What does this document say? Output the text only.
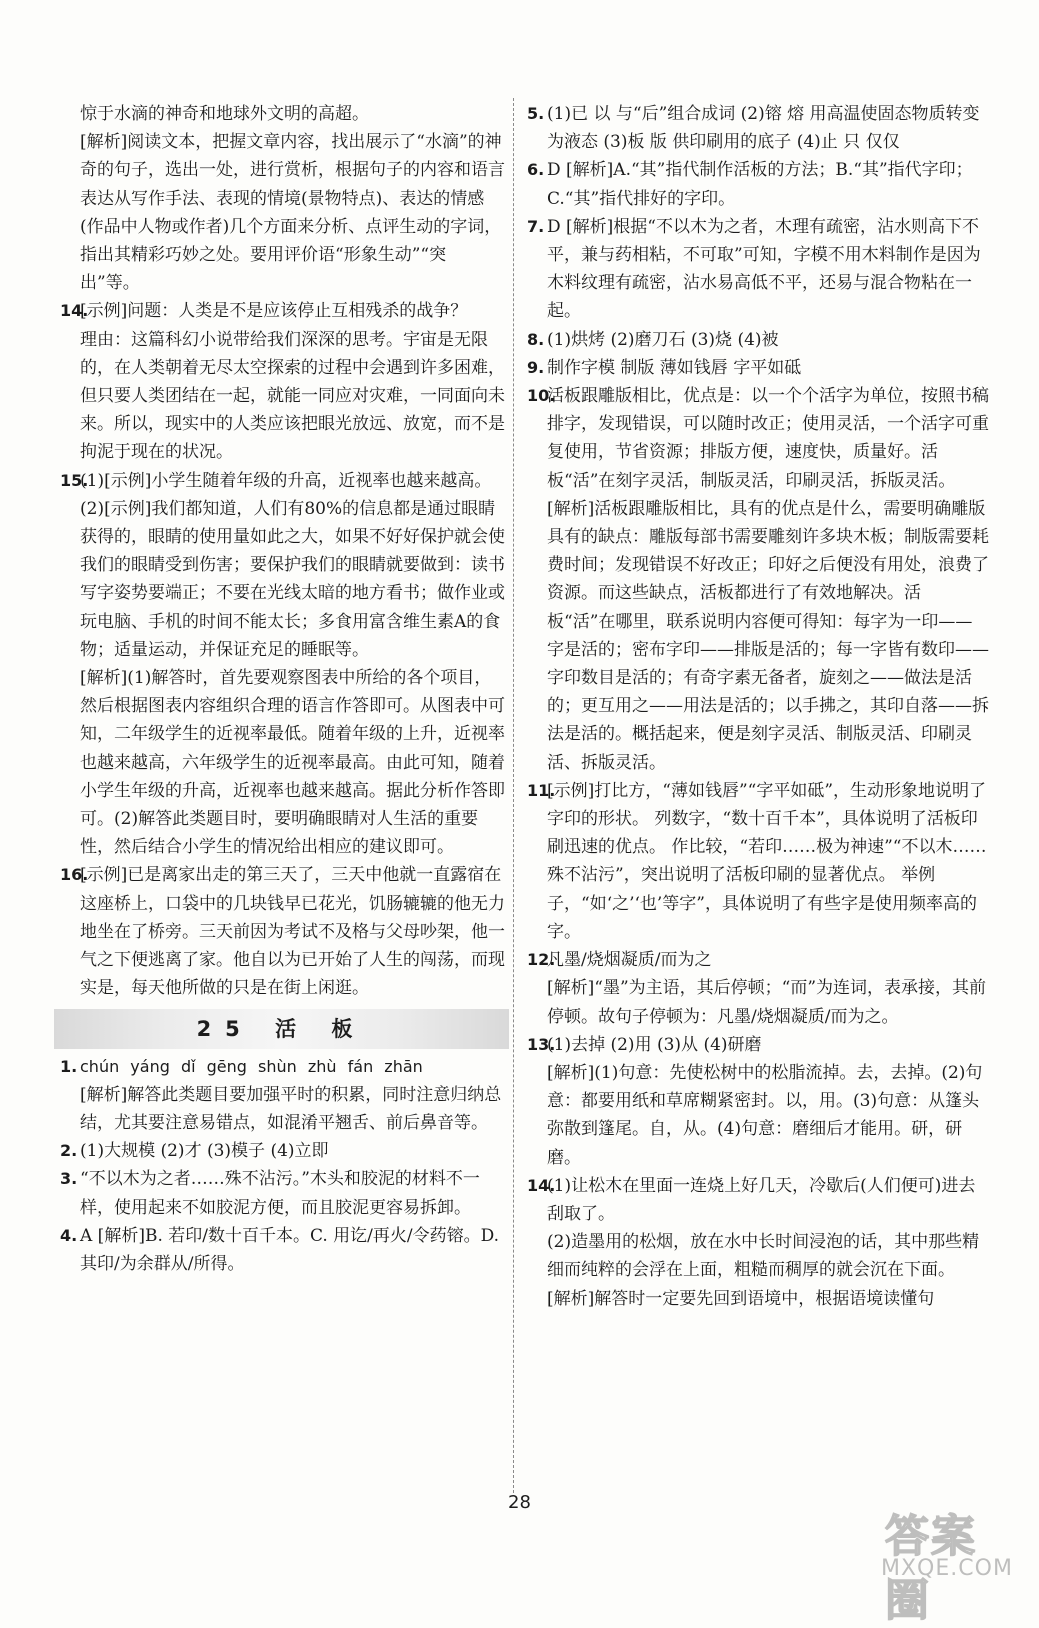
惊于水滴的神奇和地球外文明的高超。

[解析]阅读文本，把握文章内容，找出展示了“水滴”的神奇的句子，选出一处，进行赏析，根据句子的内容和语言表达从写作手法、表现的情境(景物特点)、表达的情感(作品中人物或作者)几个方面来分析、点评生动的字词，指出其精彩巧妙之处。要用评价语“形象生动”“突出”等。

14.

[示例]问题：人类是不是应该停止互相残杀的战争？

理由：这篇科幻小说带给我们深深的思考。宇宙是无限的，在人类朝着无尽太空探索的过程中会遇到许多困难，但只要人类团结在一起，就能一同应对灾难，一同面向未来。所以，现实中的人类应该把眼光放远、放宽，而不是拘泥于现在的状况。

15.

(1)[示例]小学生随着年级的升高，近视率也越来越高。

(2)[示例]我们都知道，人们有80%的信息都是通过眼睛获得的，眼睛的使用量如此之大，如果不好好保护就会使我们的眼睛受到伤害；要保护我们的眼睛就要做到：读书写字姿势要端正；不要在光线太暗的地方看书；做作业或玩电脑、手机的时间不能太长；多食用富含维生素A的食物；适量运动，并保证充足的睡眠等。

[解析](1)解答时，首先要观察图表中所给的各个项目，然后根据图表内容组织合理的语言作答即可。从图表中可知，二年级学生的近视率最低。随着年级的上升，近视率也越来越高，六年级学生的近视率最高。由此可知，随着小学生年级的升高，近视率也越来越高。据此分析作答即可。(2)解答此类题目时，要明确眼睛对人生活的重要性，然后结合小学生的情况给出相应的建议即可。

16.

[示例]已是离家出走的第三天了，三天中他就一直露宿在这座桥上，口袋中的几块钱早已花光，饥肠辘辘的他无力地坐在了桥旁。三天前因为考试不及格与父母吵架，他一气之下便逃离了家。他自以为已开始了人生的闯荡，而现实是，每天他所做的只是在街上闲逛。

25 活 板
1. chún yáng dǐ gēng shùn zhù fán zhān

[解析]解答此类题目要加强平时的积累，同时注意归纳总结，尤其要注意易错点，如混淆平翘舌、前后鼻音等。

2. (1)大规模 (2)才 (3)模子 (4)立即

3. “不以木为之者……殊不沾污。”木头和胶泥的材料不一样，使用起来不如胶泥方便，而且胶泥更容易拆卸。

4. A [解析]B. 若印/数十百千本。C. 用讫/再火/令药镕。D. 其印/为余群从/所得。

5. (1)已 以 与“后”组合成词 (2)镕 熔 用高温使固态物质转变为液态 (3)板 版 供印刷用的底子 (4)止 只 仅仅

6. D [解析]A.“其”指代制作活板的方法；B.“其”指代字印；C.“其”指代排好的字印。

7. D [解析]根据“不以木为之者，木理有疏密，沾水则高下不平，兼与药相粘，不可取”可知，字模不用木料制作是因为木料纹理有疏密，沾水易高低不平，还易与混合物粘在一起。

8. (1)烘烤 (2)磨刀石 (3)烧 (4)被

9. 制作字模 制版 薄如钱唇 字平如砥

10.

活板跟雕版相比，优点是：以一个个活字为单位，按照书稿排字，发现错误，可以随时改正；使用灵活，一个活字可重复使用，节省资源；排版方便，速度快，质量好。活板“活”在刻字灵活，制版灵活，印刷灵活，拆版灵活。

[解析]活板跟雕版相比，具有的优点是什么，需要明确雕版具有的缺点：雕版每部书需要雕刻许多块木板；制版需要耗费时间；发现错误不好改正；印好之后便没有用处，浪费了资源。而这些缺点，活板都进行了有效地解决。活板“活”在哪里，联系说明内容便可得知：每字为一印——字是活的；密布字印——排版是活的；每一字皆有数印——字印数目是活的；有奇字素无备者，旋刻之——做法是活的；更互用之——用法是活的；以手拂之，其印自落——拆法是活的。概括起来，便是刻字灵活、制版灵活、印刷灵活、拆版灵活。

11.

[示例]打比方，“薄如钱唇”“字平如砥”，生动形象地说明了字印的形状。 列数字，“数十百千本”，具体说明了活板印刷迅速的优点。 作比较，“若印……极为神速”“不以木……殊不沾污”，突出说明了活板印刷的显著优点。 举例子，“如‘之’‘也’等字”，具体说明了有些字是使用频率高的字。

12.

凡墨/烧烟凝质/而为之

[解析]“墨”为主语，其后停顿；“而”为连词，表承接，其前停顿。故句子停顿为：凡墨/烧烟凝质/而为之。

13.

(1)去掉 (2)用 (3)从 (4)研磨

[解析](1)句意：先使松树中的松脂流掉。去，去掉。(2)句意：都要用纸和草席糊紧密封。以，用。(3)句意：从篷头弥散到篷尾。自，从。(4)句意：磨细后才能用。研，研磨。

14.

(1)让松木在里面一连烧上好几天，冷歇后(人们便可)进去刮取了。

(2)造墨用的松烟，放在水中长时间浸泡的话，其中那些精细而纯粹的会浮在上面，粗糙而稠厚的就会沉在下面。

[解析]解答时一定要先回到语境中，根据语境读懂句

28
答案圈
MXQE.COM
